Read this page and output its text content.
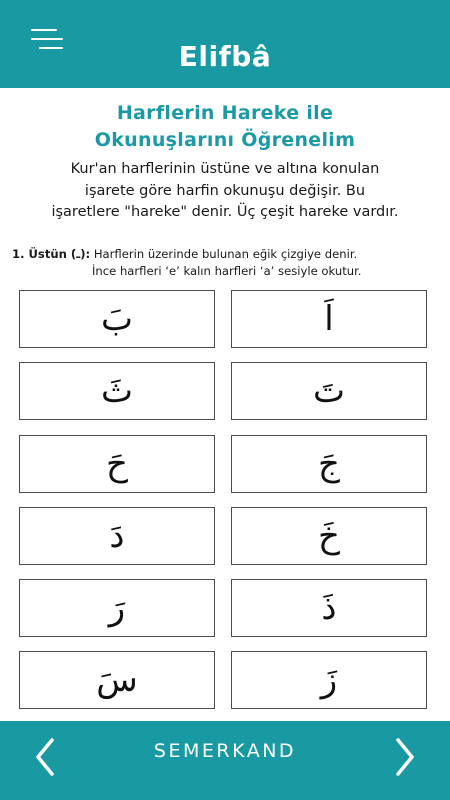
Elifbâ
Harflerin Hareke ile
Okunuşlarını Öğrenelim
Kur'an harflerinin üstüne ve altına konulan
işarete göre harfin okunuşu değişir. Bu
işaretlere "hareke" denir. Üç çeşit hareke vardır.
1. Üstün (َـ): Harflerin üzerinde bulunan eğik çizgiye denir.
İnce harfleri ‘e’ kalın harfleri ‘a’ sesiyle okutur.
بَ	اَ
ثَ	تَ
حَ	جَ
دَ	خَ
رَ	ذَ
سَ	زَ
SEMERKAND
